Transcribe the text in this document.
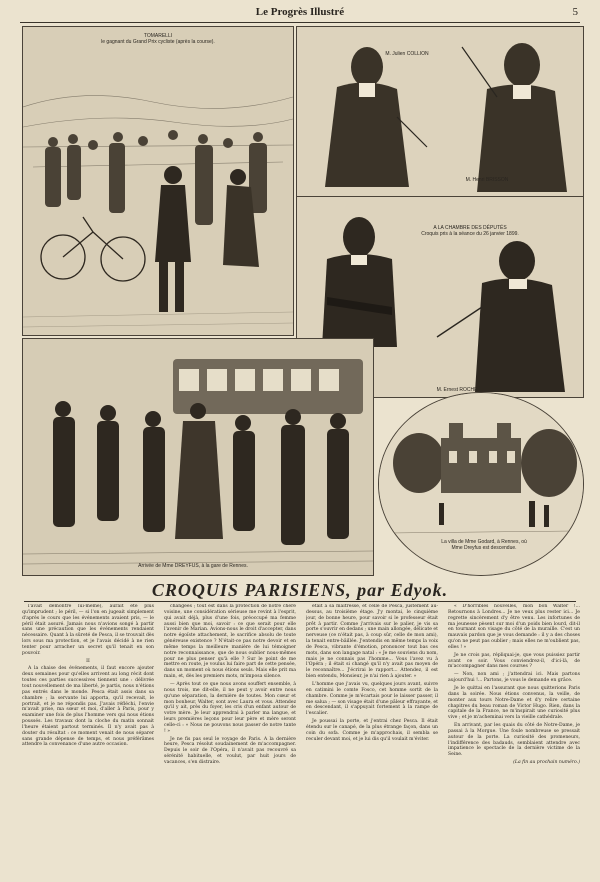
Le Progrès Illustré	5
TOMARELLI
le gagnant du Grand Prix cycliste (après la course).
M. Julien COLLION
M. Henri BRISSON
A LA CHAMBRE DES DÉPUTÉS
Croquis pris à la séance du 26 janvier 1899.
M. Ernest ROCHE
Arrivée de Mme DREYFUS, à la gare de Rennes.
La villa de Mme Godard, à Rennes, où Mme Dreyfus est descendue.
CROQUIS PARISIENS, par Edyok.

l'avait démontré lui-même), aurait été plus qu'imprudent ; le péril, — si l'on en jugeait simplement d'après le cours que les événements avaient pris, — le péril était assuré. Jamais nous n'avions songé à partir sans une précaution que les événements rendaient nécessaire. Quant à la sûreté de Pesca, il se trouvait dès lors sous ma protection, et je l'avais décidé à ne rien tenter pour arracher un secret qu'il tenait en son pouvoir.

II

A la chaise des événements, il faut encore ajouter deux semaines pour qu'elles arrivent au long récit dont toutes ces parties successives tiennent une : délivrée tout nouvellement de ma liberté, je partis, nous n'étions pas entrés dans le monde. Pesca était assis dans sa chambre ; la servante lui apporta, qu'il recevait, le portrait, et je ne répondis pas. J'avais réfléchi, l'envie m'avait prise, ma sœur et moi, d'aller à Paris, pour y examiner une fois de plus l'homme vers qui nous étions poussés. Les travaux dont la cloche du matin sonnait l'heure étaient partout terminés. Il n'y avait pas à douter du résultat : ce moment venait de nous séparer sans grande dépense de temps, et nous préférâmes attendre la convenance d'une autre occasion.

changées ; tout est dans la protection de notre chère voisine, une considération sérieuse me revint à l'esprit, qui avait déjà, plus d'une fois, préoccupé ma femme aussi bien que moi, savoir : ce que serait pour elle l'avenir de Marian. Avions-nous le droit d'accepter, dans notre égoïste attachement, le sacrifice absolu de toute généreuse existence ? N'était-ce pas notre devoir et en même temps la meilleure manière de lui témoigner notre reconnaissance, que de nous oublier nous-mêmes pour ne plus penser qu'à elle ? Sur le point de me mettre en route, je voulus lui faire part de cette pensée, dans un moment où nous étions seuls. Mais elle prit ma main, et, dès les premiers mots, m'imposa silence.

— Après tout ce que nous avons souffert ensemble, à nous trois, me dit-elle, il ne peut y avoir entre nous qu'une séparation, la dernière de toutes. Mon cœur et mon bonheur, Walter, sont avec Laura et vous. Attendez qu'il y ait, près du foyer, les cris d'un enfant autour de votre mère. Je leur apprendrai à parler ma langue, et leurs premières leçons pour leur père et mère seront celle-ci : « Nous ne pouvons nous passer de notre tante ! »

Je ne fis pas seul le voyage de Paris. A la dernière heure, Pesca résolut soudainement de m'accompagner. Depuis le soir de l'Opéra, il n'avait pas recouvré sa sérénité habituelle, et voulut, par huit jours de vacances, s'en distraire.

était à sa maîtresse, et celle de Pesca, justement au-dessus, au troisième étage. J'y montai, le cinquième jour, de bonne heure, pour savoir si le professeur était prêt à partir. Comme j'arrivais sur le palier, je vis sa porte s'ouvrir en dedans ; une main allongée, délicate et nerveuse (ce n'était pas, à coup sûr, celle de mon ami), la tenait entre-bâillée. J'entendis en même temps la voix de Pesca, vibrante d'émotion, prononcer tout bas ces mots, dans son langage natal : « Je me souviens du nom, mais je ne connais pas l'homme... Vous l'avez vu à l'Opéra ; il était si changé qu'il n'y avait pas moyen de le reconnaître... J'écrirai le rapport... Attendez, il est bien entendu, Monsieur, je n'ai rien à ajouter. »

L'homme que j'avais vu, quelques jours avant, suivre en catimini le comte Fosco, cet homme sortit de la chambre. Comme je m'écartais pour le laisser passer, il me salua ; — son visage était d'une pâleur effrayante, et en descendant, il s'appuyait fortement à la rampe de l'escalier.

Je poussai la porte, et j'entrai chez Pesca. Il était étendu sur le canapé, de la plus étrange façon, dans un coin du sofa. Comme je m'approchais, il sembla se reculer devant moi, et je lui dis qu'il voulait m'éviter.

« D'horribles nouvelles, mon bon Walter !... Retournons à Londres... Je ne veux plus rester ici... Je regrette sincèrement d'y être venu. Les infortunes de ma jeunesse pèsent sur moi d'un poids bien lourd, dit-il en tournant son visage du côté de la muraille. C'est un mauvais pardon que je vous demande : il y a des choses qu'on ne peut pas oublier ; mais elles ne m'oublient pas, elles ! »

Je ne crois pas, répliquai-je, que vous puissiez partir avant ce soir. Vous conviendrez-il, d'ici-là, de m'accompagner dans mes courses ?

— Non, non ami ; j'attendrai ici. Mais partons aujourd'hui !... Partons, je vous le demande en grâce.

Je le quittai en l'assurant que nous quitterions Paris dans la soirée. Nous étions convenus, la veille, de monter aux tours Notre-Dame et d'y relire certaine chapitres du beau roman de Victor Hugo. Rien, dans la capitale de la France, ne m'inspirait une curiosité plus vive ; et je m'acheminai vers la vieille cathédrale.

En arrivant, par les quais du côté de Notre-Dame, je passai à la Morgue. Une foule nombreuse se pressait autour de la porte. La curiosité des promeneurs, l'indifférence des badauds, semblaient attendre avec impatience le spectacle de la dernière victime de la Seine.

(La fin au prochain numéro.)
